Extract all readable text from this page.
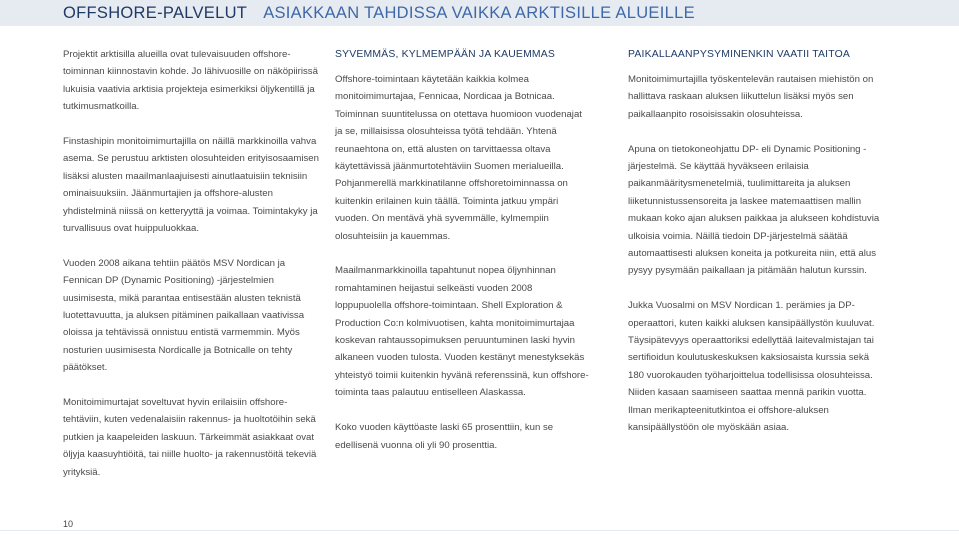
OFFSHORE-PALVELUT ASIAKKAAN TAHDISSA VAIKKA ARKTISILLE ALUEILLE

Projektit arktisilla alueilla ovat tulevaisuuden offshore-toiminnan kiinnostavin kohde. Jo lähivuosille on näköpiirissä lukuisia vaativia arktisia projekteja esimerkiksi öljykentillä ja tutkimusmatkoilla.

Finstashipin monitoimimurtajilla on näillä markkinoilla vahva asema. Se perustuu arktisten olosuhteiden erityisosaamisen lisäksi alusten maailmanlaajuisesti ainutlaatuisiin teknisiin ominaisuuksiin. Jäänmurtajien ja offshore-alusten yhdistelminä niissä on ketteryyttä ja voimaa. Toimintakyky ja turvallisuus ovat huippuluokkaa.

Vuoden 2008 aikana tehtiin päätös MSV Nordican ja Fennican DP (Dynamic Positioning) -järjestelmien uusimisesta, mikä parantaa entisestään alusten teknistä luotettavuutta, ja aluksen pitäminen paikallaan vaativissa oloissa ja tehtävissä onnistuu entistä varmemmin. Myös nosturien uusimisesta Nordicalle ja Botnicalle on tehty päätökset.

Monitoimimurtajat soveltuvat hyvin erilaisiin offshore-tehtäviin, kuten vedenalaisiin rakennus- ja huoltotöihin sekä putkien ja kaapeleiden laskuun. Tärkeimmät asiakkaat ovat öljyja kaasuyhtiöitä, tai niille huolto- ja rakennustöitä tekeviä yrityksiä.

SYVEMMÄS, KYLMEMPÄÄN JA KAUEMMAS

Offshore-toimintaan käytetään kaikkia kolmea monitoimimurtajaa, Fennicaa, Nordicaa ja Botnicaa. Toiminnan suuntitelussa on otettava huomioon vuodenajat ja se, millaisissa olosuhteissa työtä tehdään. Yhtenä reunaehtona on, että alusten on tarvittaessa oltava käytettävissä jäänmurtotehtäviin Suomen merialueilla. Pohjanmerellä markkinatilanne offshoretoiminnassa on kuitenkin erilainen kuin täällä. Toiminta jatkuu ympäri vuoden. On mentävä yhä syvemmälle, kylmempiin olosuhteisiin ja kauemmas.

Maailmanmarkkinoilla tapahtunut nopea öljynhinnan romahtaminen heijastui selkeästi vuoden 2008 loppupuolella offshore-toimintaan. Shell Exploration & Production Co:n kolmivuotisen, kahta monitoimimurtajaa koskevan rahtaussopimuksen peruuntuminen laski hyvin alkaneen vuoden tulosta. Vuoden kestänyt menestyksekäs yhteistyö toimii kuitenkin hyvänä referenssinä, kun offshore-toiminta taas palautuu entiselleen Alaskassa.

Koko vuoden käyttöaste laski 65 prosenttiin, kun se edellisenä vuonna oli yli 90 prosenttia.

PAIKALLAANPYSYMINENKIN VAATII TAITOA

Monitoimimurtajilla työskentelevän rautaisen miehistön on hallittava raskaan aluksen liikuttelun lisäksi myös sen paikallaanpito rosoisissakin olosuhteissa.

Apuna on tietokoneohjattu DP- eli Dynamic Positioning -järjestelmä. Se käyttää hyväkseen erilaisia paikanmääritysmenetelmiä, tuulimittareita ja aluksen liiketunnistussensoreita ja laskee matemaattisen mallin mukaan koko ajan aluksen paikkaa ja alukseen kohdistuvia ulkoisia voimia. Näillä tiedoin DP-järjestelmä säätää automaattisesti aluksen koneita ja potkureita niin, että alus pysyy pysymään paikallaan ja pitämään halutun kurssin.

Jukka Vuosalmi on MSV Nordican 1. perämies ja DP-operaattori, kuten kaikki aluksen kansipäällystön kuuluvat. Täysipätevyys operaattoriksi edellyttää laitevalmistajan tai sertifioidun koulutuskeskuksen kaksiosaista kurssia sekä 180 vuorokauden työharjoittelua todellisissa olosuhteissa. Niiden kasaan saamiseen saattaa mennä parikin vuotta. Ilman merikapteenitutkintoa ei offshore-aluksen kansipäällystöön ole myöskään asiaa.

10
